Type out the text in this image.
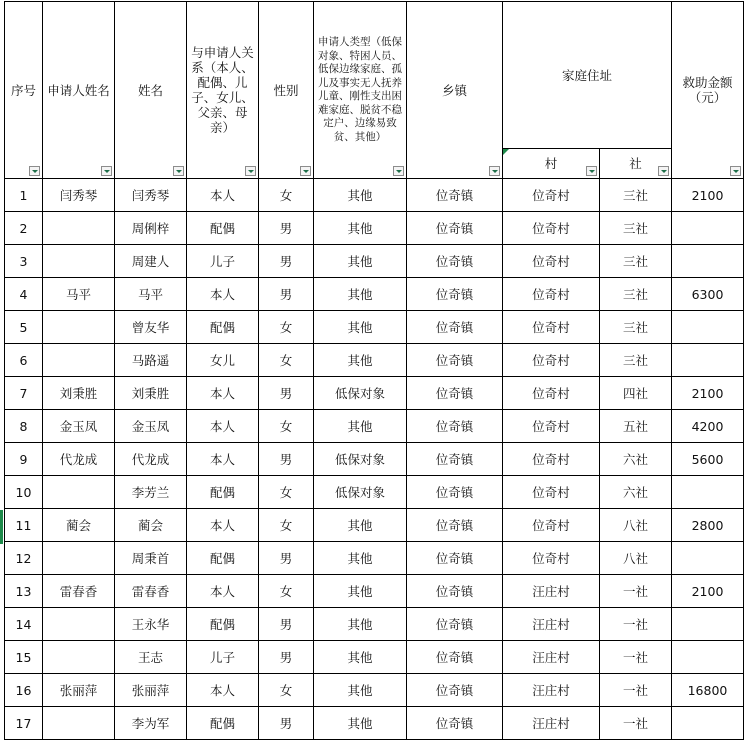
序号	申请人姓名	姓名	与申请人关系（本人、配偶、儿子、女儿、父亲、母亲）	性别	申请人类型（低保对象、特困人员、低保边缘家庭、孤儿及事实无人抚养儿童、刚性支出困难家庭、脱贫不稳定户、边缘易致贫、其他）	乡镇	家庭住址		救助金额（元）

							村	社	

1	闫秀琴	闫秀琴	本人	女	其他	位奇镇	位奇村	三社	2100
2		周俐梓	配偶	男	其他	位奇镇	位奇村	三社	
3		周建人	儿子	男	其他	位奇镇	位奇村	三社	
4	马平	马平	本人	男	其他	位奇镇	位奇村	三社	6300
5		曾友华	配偶	女	其他	位奇镇	位奇村	三社	
6		马路遥	女儿	女	其他	位奇镇	位奇村	三社	
7	刘秉胜	刘秉胜	本人	男	低保对象	位奇镇	位奇村	四社	2100
8	金玉凤	金玉凤	本人	女	其他	位奇镇	位奇村	五社	4200
9	代龙成	代龙成	本人	男	低保对象	位奇镇	位奇村	六社	5600
10		李芳兰	配偶	女	低保对象	位奇镇	位奇村	六社	
11	蔺会	蔺会	本人	女	其他	位奇镇	位奇村	八社	2800
12		周秉首	配偶	男	其他	位奇镇	位奇村	八社	
13	雷春香	雷春香	本人	女	其他	位奇镇	汪庄村	一社	2100
14		王永华	配偶	男	其他	位奇镇	汪庄村	一社	
15		王志	儿子	男	其他	位奇镇	汪庄村	一社	
16	张丽萍	张丽萍	本人	女	其他	位奇镇	汪庄村	一社	16800
17		李为军	配偶	男	其他	位奇镇	汪庄村	一社	
